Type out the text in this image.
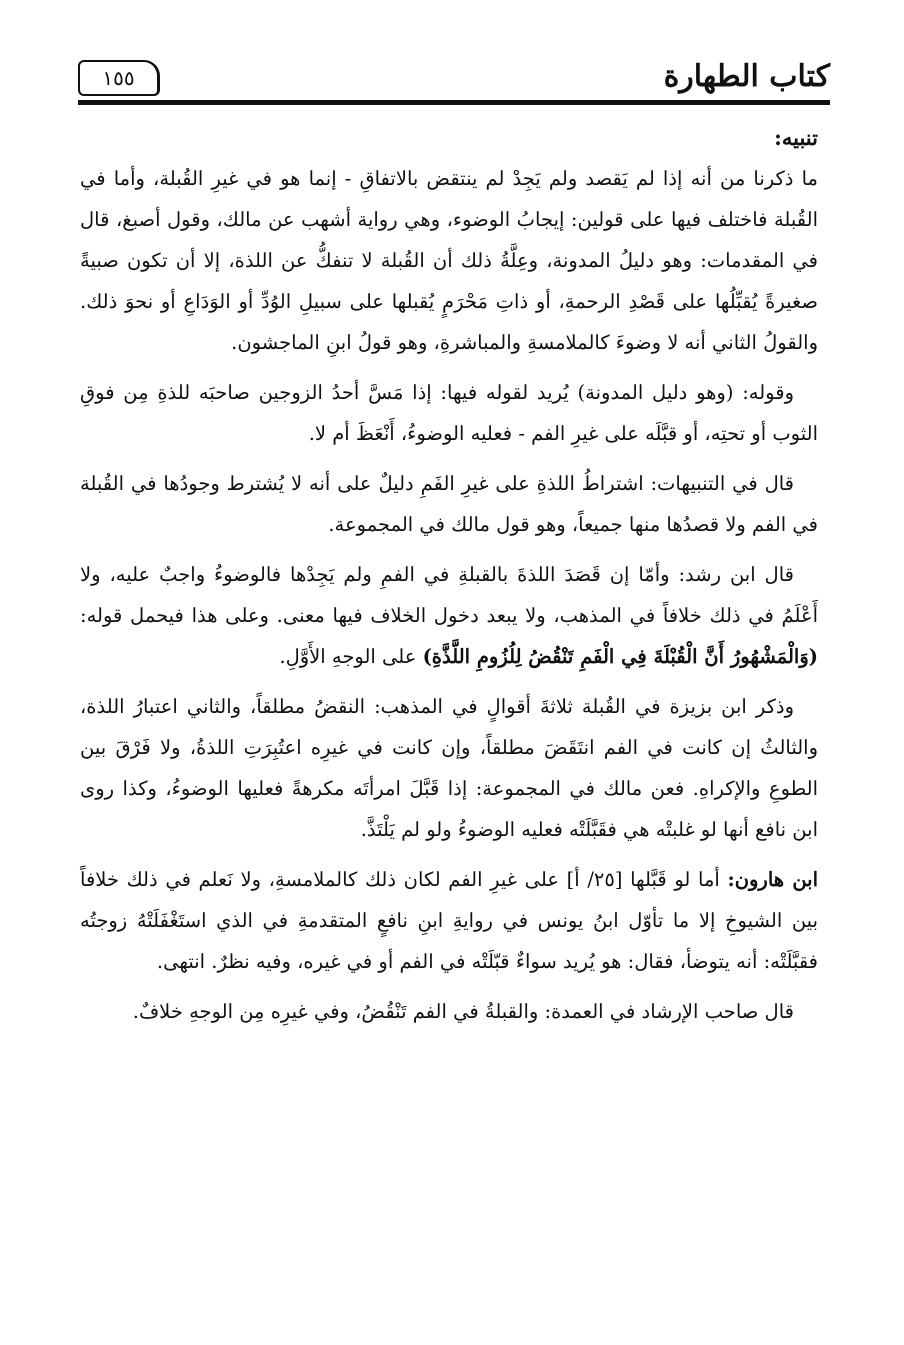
١٥٥	كتاب الطهارة
تنبيه:

ما ذكرنا من أنه إذا لم يَقصد ولم يَجِدْ لم ينتقض بالاتفاقِ - إنما هو في غيرِ القُبلة، وأما في القُبلة فاختلف فيها على قولين: إيجابُ الوضوء، وهي رواية أشهب عن مالك، وقول أصبغ، قال في المقدمات: وهو دليلُ المدونة، وعِلَّةُ ذلك أن القُبلة لا تنفكُّ عن اللذة، إلا أن تكون صبيةً صغيرةً يُقبِّلُها على قَصْدِ الرحمةِ، أو ذاتِ مَحْرَمٍ يُقبلها على سبيلِ الوُدِّ أو الوَدَاعِ أو نحوَ ذلك. والقولُ الثاني أنه لا وضوءَ كالملامسةِ والمباشرةِ، وهو قولُ ابنِ الماجشون.

وقوله: (وهو دليل المدونة) يُريد لقوله فيها: إذا مَسَّ أحدُ الزوجين صاحبَه للذةِ مِن فوقِ الثوب أو تحتِه، أو قبَّلَه على غيرِ الفم - فعليه الوضوءُ، أَنْعَظَ أم لا.

قال في التنبيهات: اشتراطُ اللذةِ على غيرِ الفَمِ دليلٌ على أنه لا يُشترط وجودُها في القُبلة في الفم ولا قصدُها منها جميعاً، وهو قول مالك في المجموعة.

قال ابن رشد: وأمّا إن قَصَدَ اللذةَ بالقبلةِ في الفمِ ولم يَجِدْها فالوضوءُ واجبٌ عليه، ولا أَعْلَمُ في ذلك خلافاً في المذهب، ولا يبعد دخول الخلاف فيها معنى. وعلى هذا فيحمل قوله: (وَالْمَشْهُورُ أَنَّ الْقُبْلَةَ فِي الْفَمِ تَنْقُضُ لِلُزُومِ اللَّذَّةِ) على الوجهِ الأَوَّلِ.

وذكر ابن بزيزة في القُبلة ثلاثةَ أقوالٍ في المذهب: النقضُ مطلقاً، والثاني اعتبارُ اللذة، والثالثُ إن كانت في الفم انتَقَضَ مطلقاً، وإن كانت في غيرِه اعتُبِرَتِ اللذةُ، ولا فَرْقَ بين الطوعِ والإكراهِ. فعن مالك في المجموعة: إذا قَبَّلَ امرأتَه مكرهةً فعليها الوضوءُ، وكذا روى ابن نافع أنها لو غلبتْه هي فقَبَّلَتْه فعليه الوضوءُ ولو لم يَلْتَذَّ.

ابن هارون: أما لو قَبَّلها [٢٥/ أ] على غيرِ الفم لكان ذلك كالملامسةِ، ولا نَعلم في ذلك خلافاً بين الشيوخِ إلا ما تأوّل ابنُ يونس في روايةِ ابنِ نافعٍ المتقدمةِ في الذي استَغْفَلَتْهُ زوجتُه فقبَّلَتْه: أنه يتوضأ، فقال: هو يُريد سواءٌ قبّلَتْه في الفم أو في غيره، وفيه نظرٌ. انتهى.

قال صاحب الإرشاد في العمدة: والقبلةُ في الفم تَنْقُضُ، وفي غيرِه مِن الوجهِ خلافٌ.
